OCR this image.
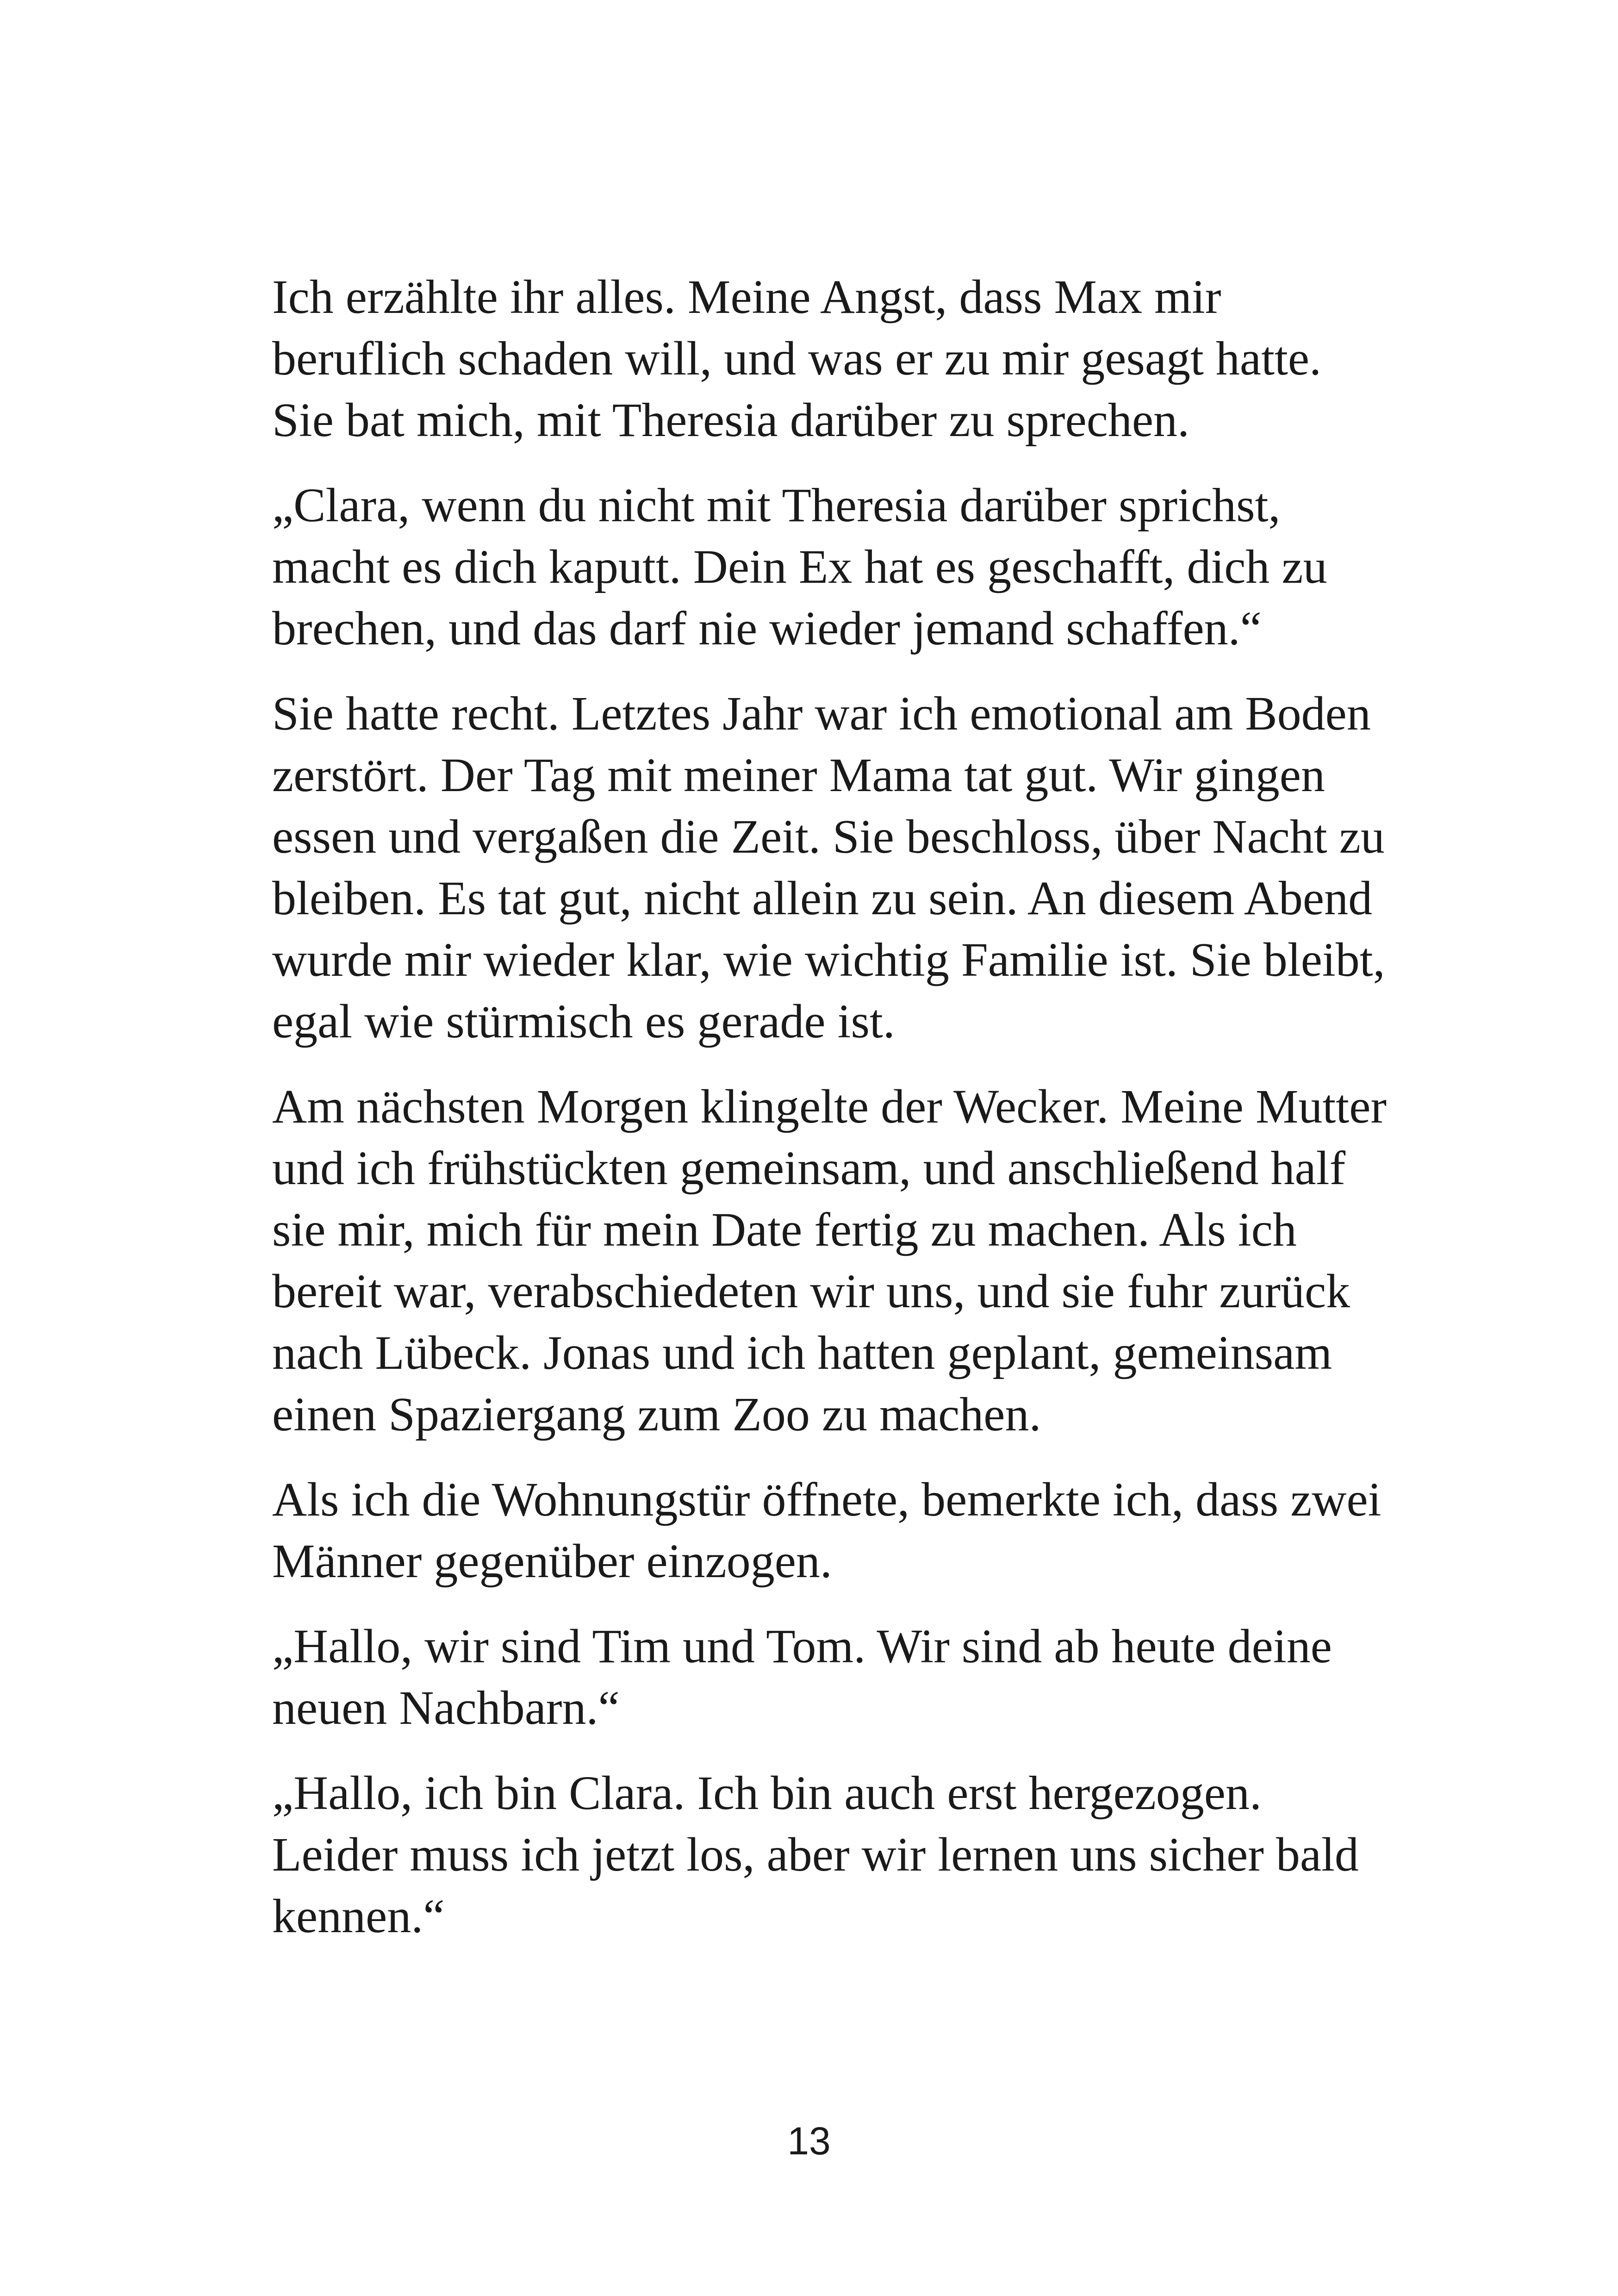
Ich erzählte ihr alles. Meine Angst, dass Max mir
beruflich schaden will, und was er zu mir gesagt hatte.
Sie bat mich, mit Theresia darüber zu sprechen.

„Clara, wenn du nicht mit Theresia darüber sprichst,
macht es dich kaputt. Dein Ex hat es geschafft, dich zu
brechen, und das darf nie wieder jemand schaffen.“

Sie hatte recht. Letztes Jahr war ich emotional am Boden
zerstört. Der Tag mit meiner Mama tat gut. Wir gingen
essen und vergaßen die Zeit. Sie beschloss, über Nacht zu
bleiben. Es tat gut, nicht allein zu sein. An diesem Abend
wurde mir wieder klar, wie wichtig Familie ist. Sie bleibt,
egal wie stürmisch es gerade ist.

Am nächsten Morgen klingelte der Wecker. Meine Mutter
und ich frühstückten gemeinsam, und anschließend half
sie mir, mich für mein Date fertig zu machen. Als ich
bereit war, verabschiedeten wir uns, und sie fuhr zurück
nach Lübeck. Jonas und ich hatten geplant, gemeinsam
einen Spaziergang zum Zoo zu machen.

Als ich die Wohnungstür öffnete, bemerkte ich, dass zwei
Männer gegenüber einzogen.

„Hallo, wir sind Tim und Tom. Wir sind ab heute deine
neuen Nachbarn.“

„Hallo, ich bin Clara. Ich bin auch erst hergezogen.
Leider muss ich jetzt los, aber wir lernen uns sicher bald
kennen.“

13
